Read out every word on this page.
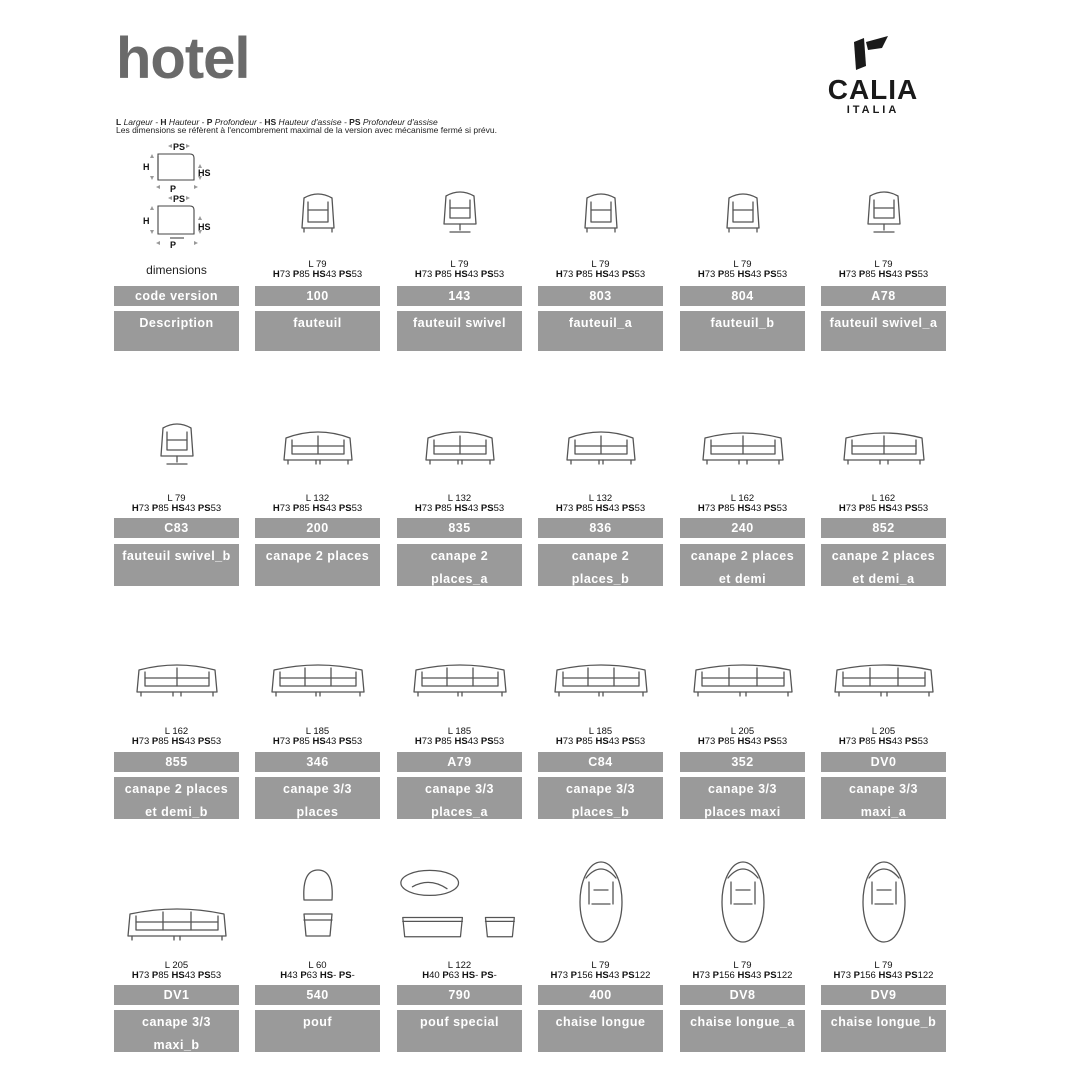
hotel	CALIA
ITALIA
L Largeur - H Hauteur - P Profondeur - HS Hauteur d'assise - PS Profondeur d'assise
Les dimensions se réfèrent à l'encombrement maximal de la version avec mécanisme fermé si prévu.
PS
H
HS
P
PS
H
HS
P
dimensions
code version
Description
L 79
H73 P85 HS43 PS53
100
fauteuil
L 79
H73 P85 HS43 PS53
143
fauteuil swivel
L 79
H73 P85 HS43 PS53
803
fauteuil_a
L 79
H73 P85 HS43 PS53
804
fauteuil_b
L 79
H73 P85 HS43 PS53
A78
fauteuil swivel_a
L 79
H73 P85 HS43 PS53
C83
fauteuil swivel_b
L 132
H73 P85 HS43 PS53
200
canape 2 places
L 132
H73 P85 HS43 PS53
835
canape 2
places_a
L 132
H73 P85 HS43 PS53
836
canape 2
places_b
L 162
H73 P85 HS43 PS53
240
canape 2 places
et demi
L 162
H73 P85 HS43 PS53
852
canape 2 places
et demi_a
L 162
H73 P85 HS43 PS53
855
canape 2 places
et demi_b
L 185
H73 P85 HS43 PS53
346
canape 3/3
places
L 185
H73 P85 HS43 PS53
A79
canape 3/3
places_a
L 185
H73 P85 HS43 PS53
C84
canape 3/3
places_b
L 205
H73 P85 HS43 PS53
352
canape 3/3
places maxi
L 205
H73 P85 HS43 PS53
DV0
canape 3/3
maxi_a
L 205
H73 P85 HS43 PS53
DV1
canape 3/3
maxi_b
L 60
H43 P63 HS- PS-
540
pouf
L 122
H40 P63 HS- PS-
790
pouf special
L 79
H73 P156 HS43 PS122
400
chaise longue
L 79
H73 P156 HS43 PS122
DV8
chaise longue_a
L 79
H73 P156 HS43 PS122
DV9
chaise longue_b
